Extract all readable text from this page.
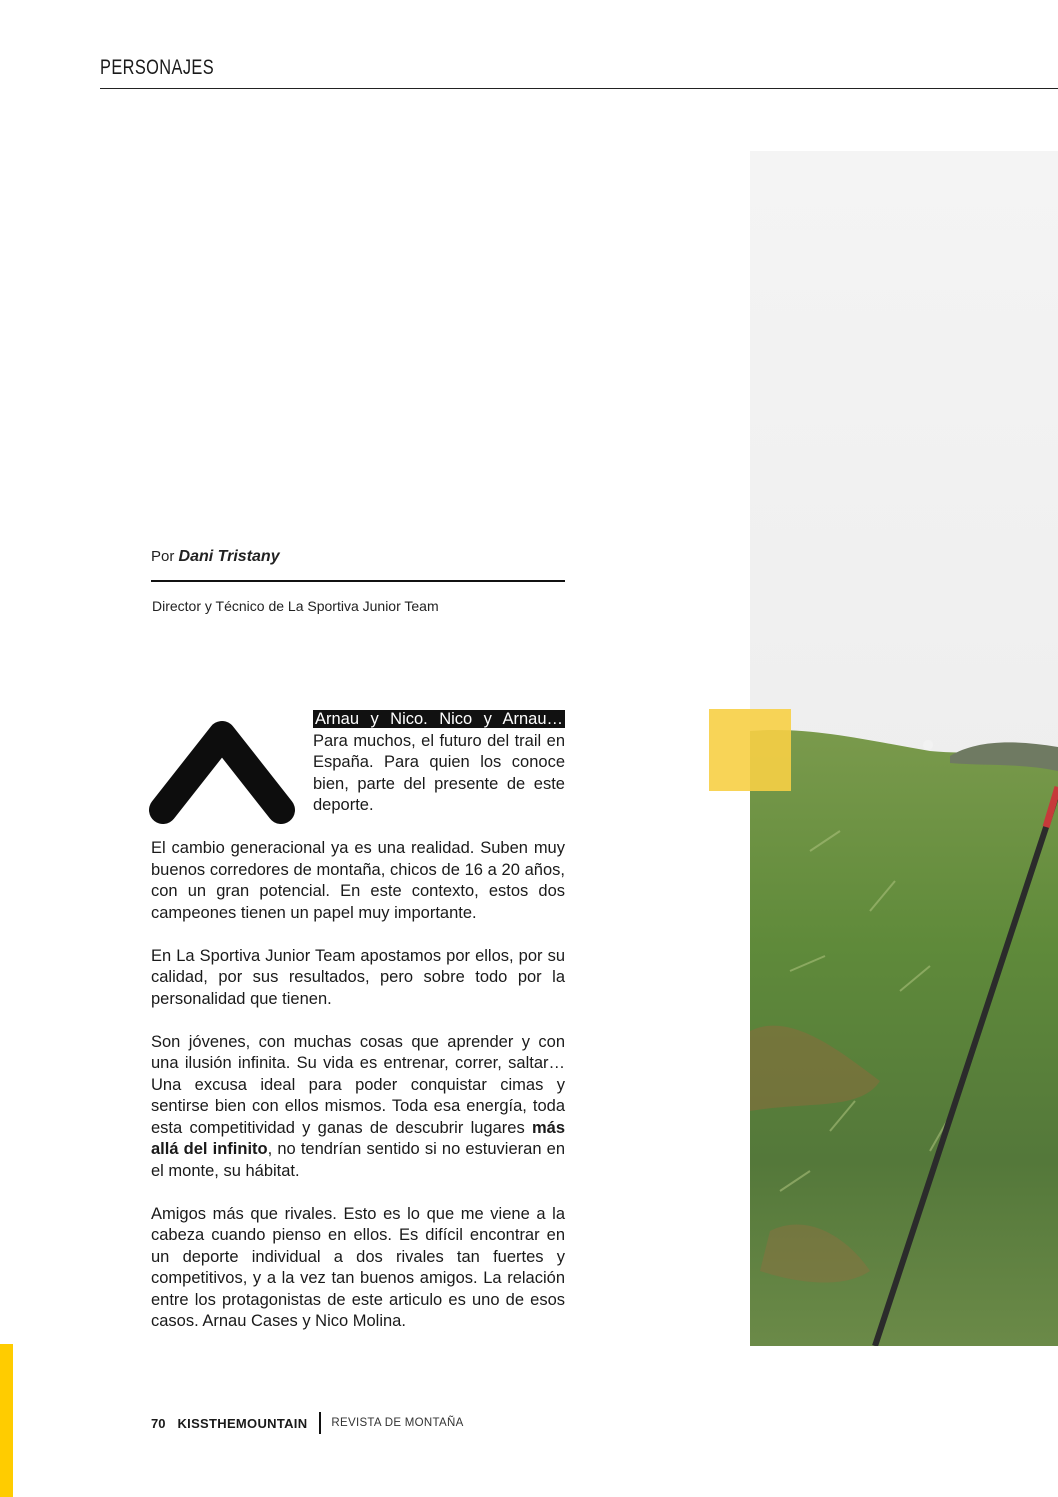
PERSONAJES
Por Dani Tristany
Director y Técnico de La Sportiva Junior Team

Arnau y Nico. Nico y Arnau… Para muchos, el futuro del trail en España. Para quien los conoce bien, parte del presente de este deporte.

El cambio generacional ya es una realidad. Suben muy buenos corredores de montaña, chicos de 16 a 20 años, con un gran potencial. En este contexto, estos dos campeones tienen un papel muy importante.

En La Sportiva Junior Team apostamos por ellos, por su calidad, por sus resultados, pero sobre todo por la personalidad que tienen.

Son jóvenes, con muchas cosas que aprender y con una ilusión infinita. Su vida es entrenar, correr, saltar… Una excusa ideal para poder conquistar cimas y sentirse bien con ellos mismos. Toda esa energía, toda esta competitividad y ganas de descubrir lugares más allá del infinito, no tendrían sentido si no estuvieran en el monte, su hábitat.

Amigos más que rivales. Esto es lo que me viene a la cabeza cuando pienso en ellos. Es difícil encontrar en un deporte individual a dos rivales tan fuertes y competitivos, y a la vez tan buenos amigos. La relación entre los protagonistas de este articulo es uno de esos casos. Arnau Cases y Nico Molina.

70 KISSTHEMOUNTAIN REVISTA DE MONTAÑA
